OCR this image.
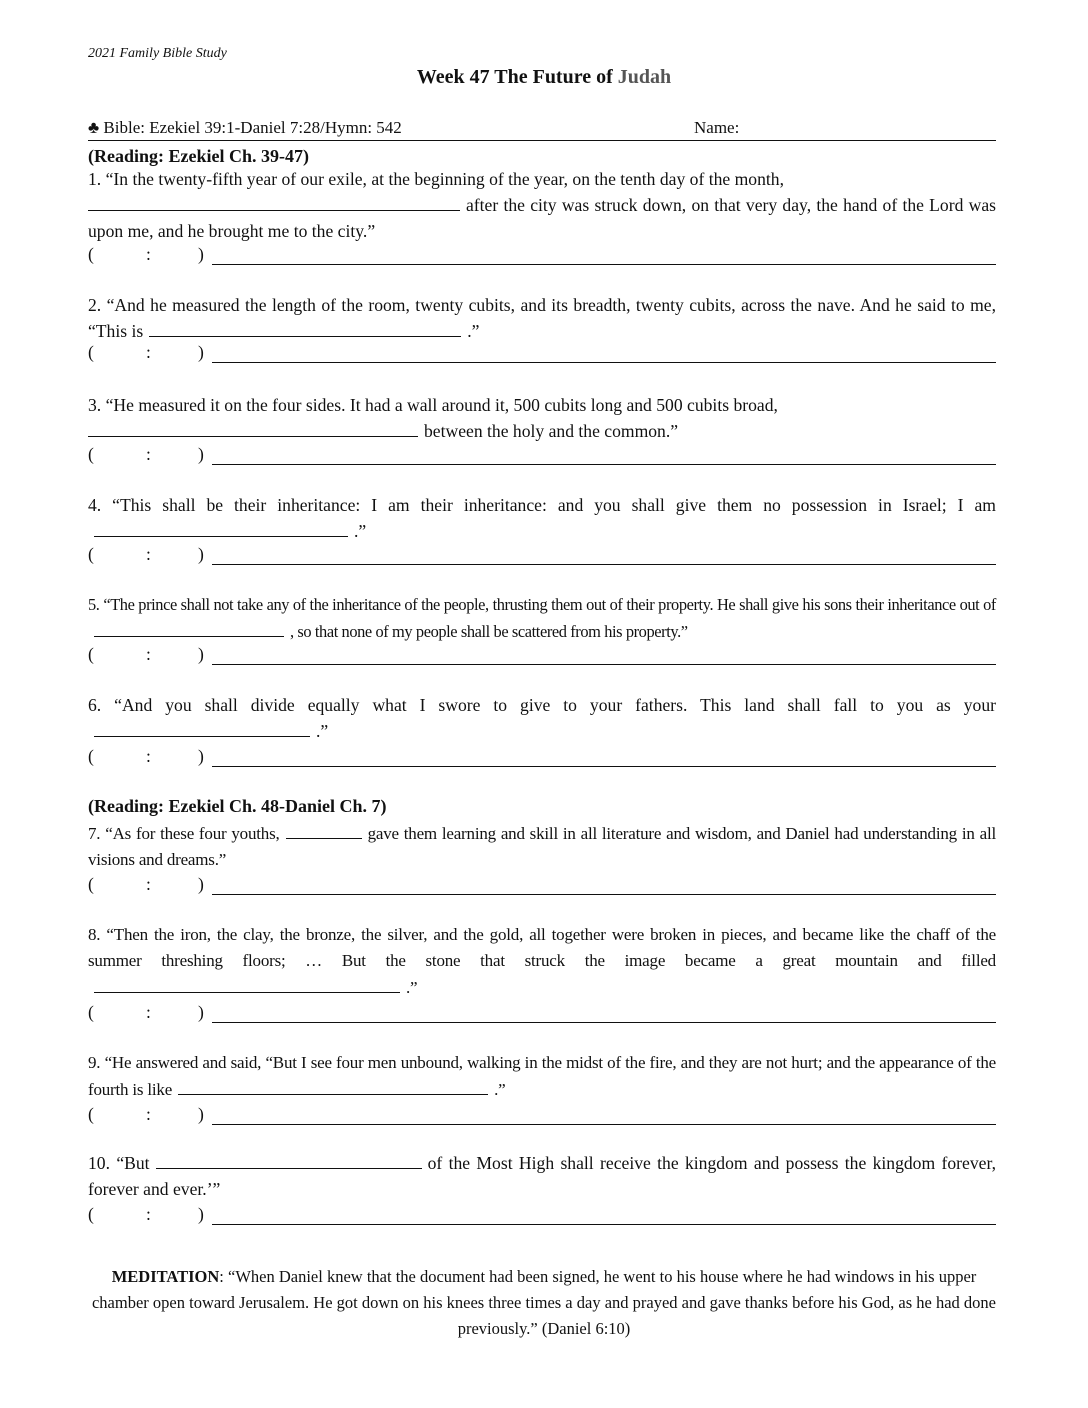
2021 Family Bible Study
Week 47 The Future of Judah
♣ Bible: Ezekiel 39:1-Daniel 7:28/Hymn: 542	Name:
(Reading: Ezekiel Ch. 39-47)
1. “In the twenty-fifth year of our exile, at the beginning of the year, on the tenth day of the month,
after the city was struck down, on that very day, the hand of the Lord was upon me, and he brought me to the city.”
(	:	)
2. “And he measured the length of the room, twenty cubits, and its breadth, twenty cubits, across the nave. And he said to me, “This is	.”
(	:	)
3. “He measured it on the four sides. It had a wall around it, 500 cubits long and 500 cubits broad,
between the holy and the common.”
(	:	)
4. “This shall be their inheritance: I am their inheritance: and you shall give them no possession in Israel; I am.”
(	:	)
5. “The prince shall not take any of the inheritance of the people, thrusting them out of their property. He shall give his sons their inheritance out of, so that none of my people shall be scattered from his property.”
(	:	)
6. “And you shall divide equally what I swore to give to your fathers. This land shall fall to you as your.”
(	:	)
(Reading: Ezekiel Ch. 48-Daniel Ch. 7)
7. “As for these four youths,	gave them learning and skill in all literature and wisdom, and Daniel had understanding in all visions and dreams.”
(	:	)
8. “Then the iron, the clay, the bronze, the silver, and the gold, all together were broken in pieces, and became like the chaff of the summer threshing floors; … But the stone that struck the image became a great mountain and filled.”
(	:	)
9. “He answered and said, “But I see four men unbound, walking in the midst of the fire, and they are not hurt; and the appearance of the fourth is like	.”
(	:	)
10. “But	of the Most High shall receive the kingdom and possess the kingdom forever, forever and ever.’”
(	:	)
MEDITATION: “When Daniel knew that the document had been signed, he went to his house where he had windows in his upper chamber open toward Jerusalem. He got down on his knees three times a day and prayed and gave thanks before his God, as he had done previously.” (Daniel 6:10)
